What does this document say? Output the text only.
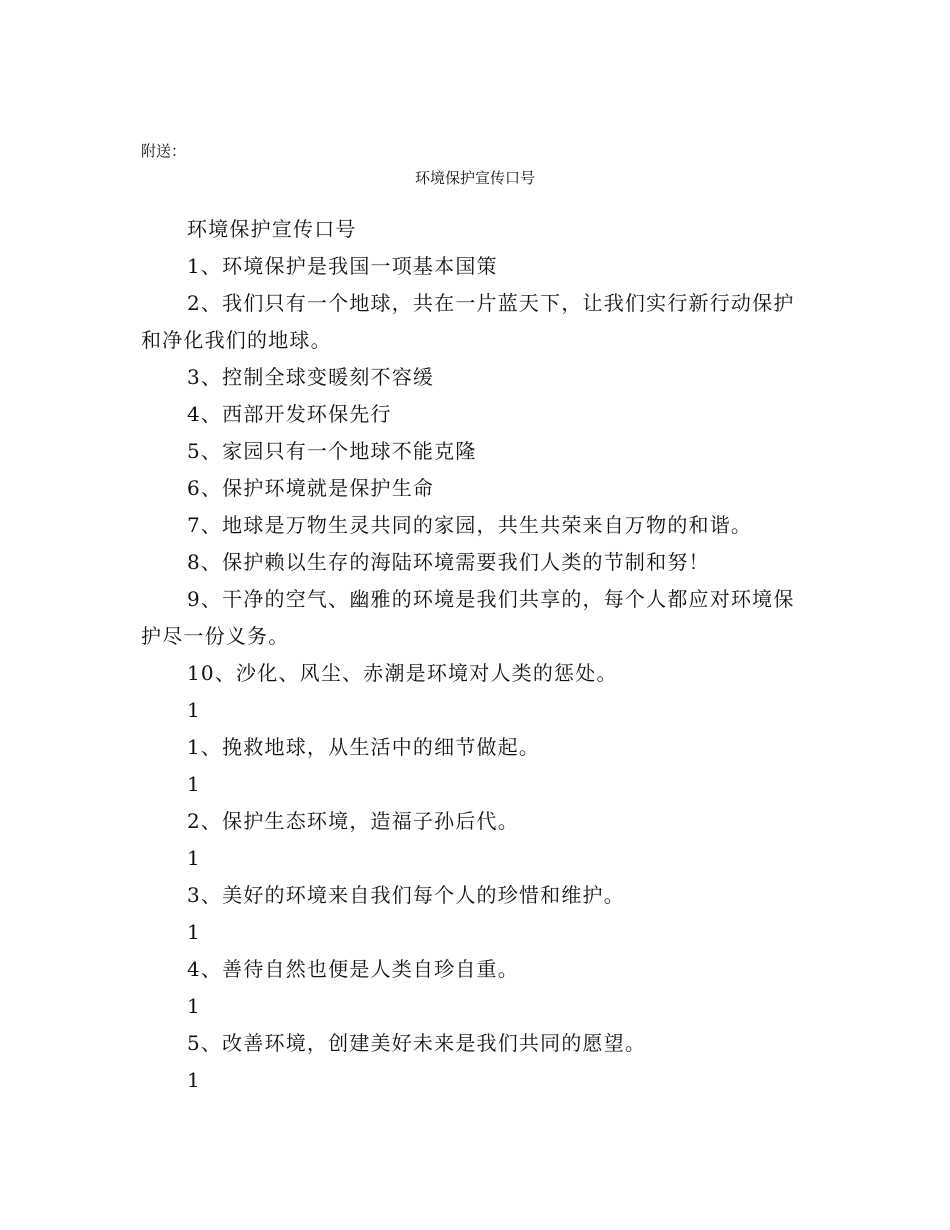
附送：
环境保护宣传口号

环境保护宣传口号

1、环境保护是我国一项基本国策

2、我们只有一个地球，共在一片蓝天下，让我们实行新行动保护和净化我们的地球。

3、控制全球变暖刻不容缓

4、西部开发环保先行

5、家园只有一个地球不能克隆

6、保护环境就是保护生命

7、地球是万物生灵共同的家园，共生共荣来自万物的和谐。

8、保护赖以生存的海陆环境需要我们人类的节制和努！

9、干净的空气、幽雅的环境是我们共享的，每个人都应对环境保护尽一份义务。

10、沙化、风尘、赤潮是环境对人类的惩处。

1

1、挽救地球，从生活中的细节做起。

1

2、保护生态环境，造福子孙后代。

1

3、美好的环境来自我们每个人的珍惜和维护。

1

4、善待自然也便是人类自珍自重。

1

5、改善环境，创建美好未来是我们共同的愿望。

1
